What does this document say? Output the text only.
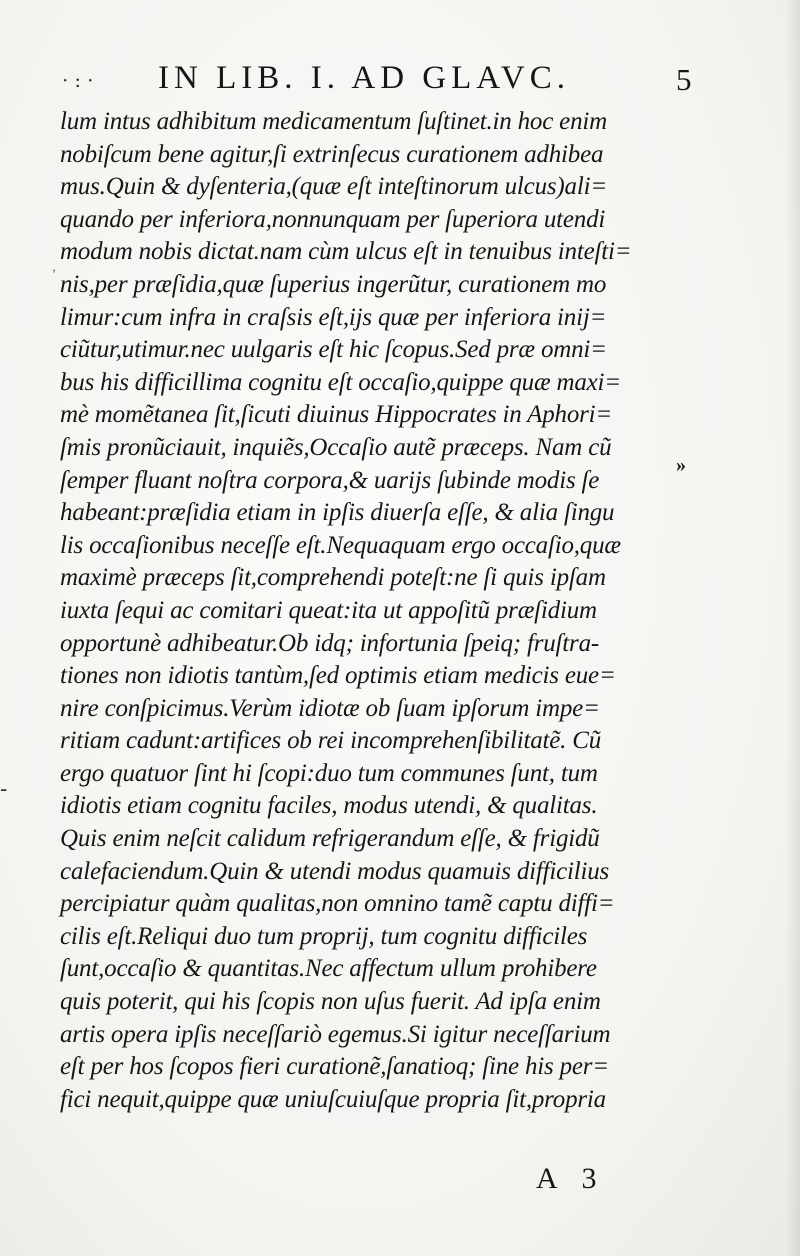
·:· IN LIB. I. AD GLAVC.	5
lum intus adhibitum medicamentum ſuſtinet.in hoc enim
nobiſcum bene agitur,ſi extrinſecus curationem adhibea
mus.Quin & dyſenteria,(quæ eſt inteſtinorum ulcus)ali=
quando per inferiora,nonnunquam per ſuperiora utendi
modum nobis dictat.nam cùm ulcus eſt in tenuibus inteſti=
nis,per præſidia,quæ ſuperius ingerũtur, curationem mo
limur:cum infra in craſsis eſt,ijs quæ per inferiora inij=
ciũtur,utimur.nec uulgaris eſt hic ſcopus.Sed præ omni=
bus his difficillima cognitu eſt occaſio,quippe quæ maxi=
mè momẽtanea ſit,ſicuti diuinus Hippocrates in Aphori=
ſmis pronũciauit, inquiẽs,Occaſio autẽ præceps. Nam cũ
ſemper fluant noſtra corpora,& uarijs ſubinde modis ſe
habeant:præſidia etiam in ipſis diuerſa eſſe, & alia ſingu
lis occaſionibus neceſſe eſt.Nequaquam ergo occaſio,quæ
maximè præceps ſit,comprehendi poteſt:ne ſi quis ipſam
iuxta ſequi ac comitari queat:ita ut appoſitũ præſidium
opportunè adhibeatur.Ob idq; infortunia ſpeiq; fruſtra-
tiones non idiotis tantùm,ſed optimis etiam medicis eue=
nire conſpicimus.Verùm idiotæ ob ſuam ipſorum impe=
ritiam cadunt:artifices ob rei incomprehenſibilitatẽ. Cũ
ergo quatuor ſint hi ſcopi:duo tum communes ſunt, tum
idiotis etiam cognitu faciles, modus utendi, & qualitas.
Quis enim neſcit calidum refrigerandum eſſe, & frigidũ
calefaciendum.Quin & utendi modus quamuis difficilius
percipiatur quàm qualitas,non omnino tamẽ captu diffi=
cilis eſt.Reliqui duo tum proprij, tum cognitu difficiles
ſunt,occaſio & quantitas.Nec affectum ullum prohibere
quis poterit, qui his ſcopis non uſus fuerit. Ad ipſa enim
artis opera ipſis neceſſariò egemus.Si igitur neceſſarium
eſt per hos ſcopos fieri curationẽ,ſanatioq; ſine his per=
fici nequit,quippe quæ uniuſcuiuſque propria ſit,propria
»
-
,
A 3
